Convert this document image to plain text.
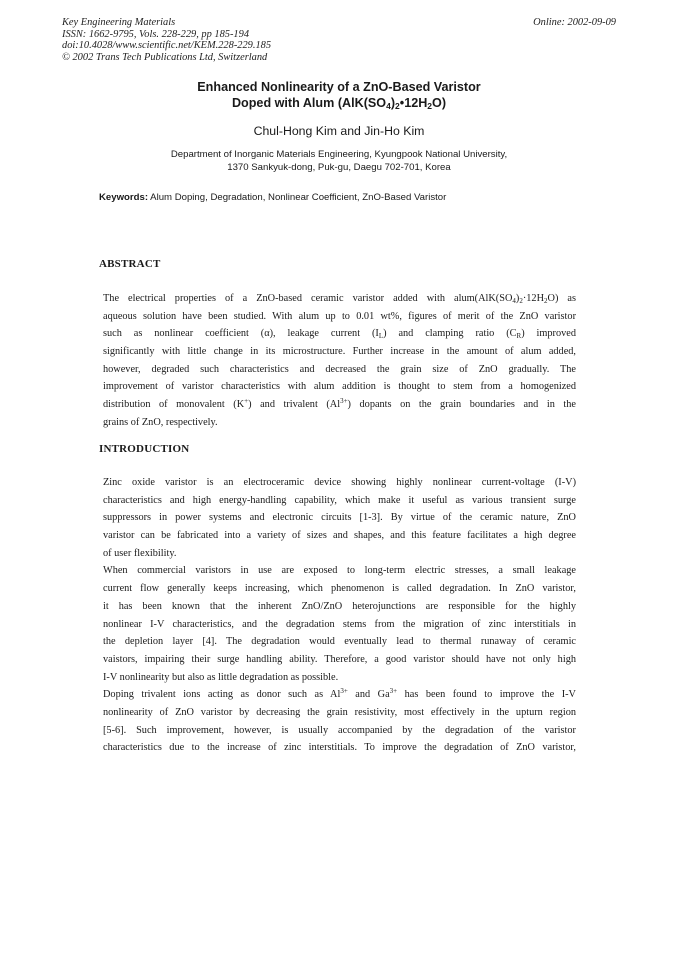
Key Engineering Materials
ISSN: 1662-9795, Vols. 228-229, pp 185-194
doi:10.4028/www.scientific.net/KEM.228-229.185
© 2002 Trans Tech Publications Ltd, Switzerland
Online: 2002-09-09
Enhanced Nonlinearity of a ZnO-Based Varistor
Doped with Alum $(AlK(SO_4)_2•12H_2O)$
Chul-Hong Kim and Jin-Ho Kim
Department of Inorganic Materials Engineering, Kyungpook National University,
1370 Sankyuk-dong, Puk-gu, Daegu 702-701, Korea
Keywords: Alum Doping, Degradation, Nonlinear Coefficient, ZnO-Based Varistor
ABSTRACT
The electrical properties of a ZnO-based ceramic varistor added with $alum(AlK(SO_4)_2\cdot 12H_2O)$ as
aqueous solution have been studied. With alum up to 0.01 wt%, figures of merit of the ZnO varistor
such as nonlinear coefficient (α), leakage current $(I_L)$ and clamping ratio $(C_R)$ improved
significantly with little change in its microstructure. Further increase in the amount of alum added,
however, degraded such characteristics and decreased the grain size of ZnO gradually. The
improvement of varistor characteristics with alum addition is thought to stem from a homogenized
distribution of monovalent (K+) and trivalent $(Al^{3+})$ dopants on the grain boundaries and in the
grains of ZnO, respectively.
INTRODUCTION
Zinc oxide varistor is an electroceramic device showing highly nonlinear current-voltage (I-V)
characteristics and high energy-handling capability, which make it useful as various transient surge
suppressors in power systems and electronic circuits [1-3]. By virtue of the ceramic nature, ZnO
varistor can be fabricated into a variety of sizes and shapes, and this feature facilitates a high degree
of user flexibility.
When commercial varistors in use are exposed to long-term electric stresses, a small leakage
current flow generally keeps increasing, which phenomenon is called degradation. In ZnO varistor,
it has been known that the inherent ZnO/ZnO heterojunctions are responsible for the highly
nonlinear I-V characteristics, and the degradation stems from the migration of zinc interstitials in
the depletion layer [4]. The degradation would eventually lead to thermal runaway of ceramic
vaistors, impairing their surge handling ability. Therefore, a good varistor should have not only high
I-V nonlinearity but also as little degradation as possible.
Doping trivalent ions acting as donor such as $Al^{3+}$ and $Ga^{3+}$ has been found to improve the I-V
nonlinearity of ZnO varistor by decreasing the grain resistivity, most effectively in the upturn region
[5-6]. Such improvement, however, is usually accompanied by the degradation of the varistor
characteristics due to the increase of zinc interstitials. To improve the degradation of ZnO varistor,
